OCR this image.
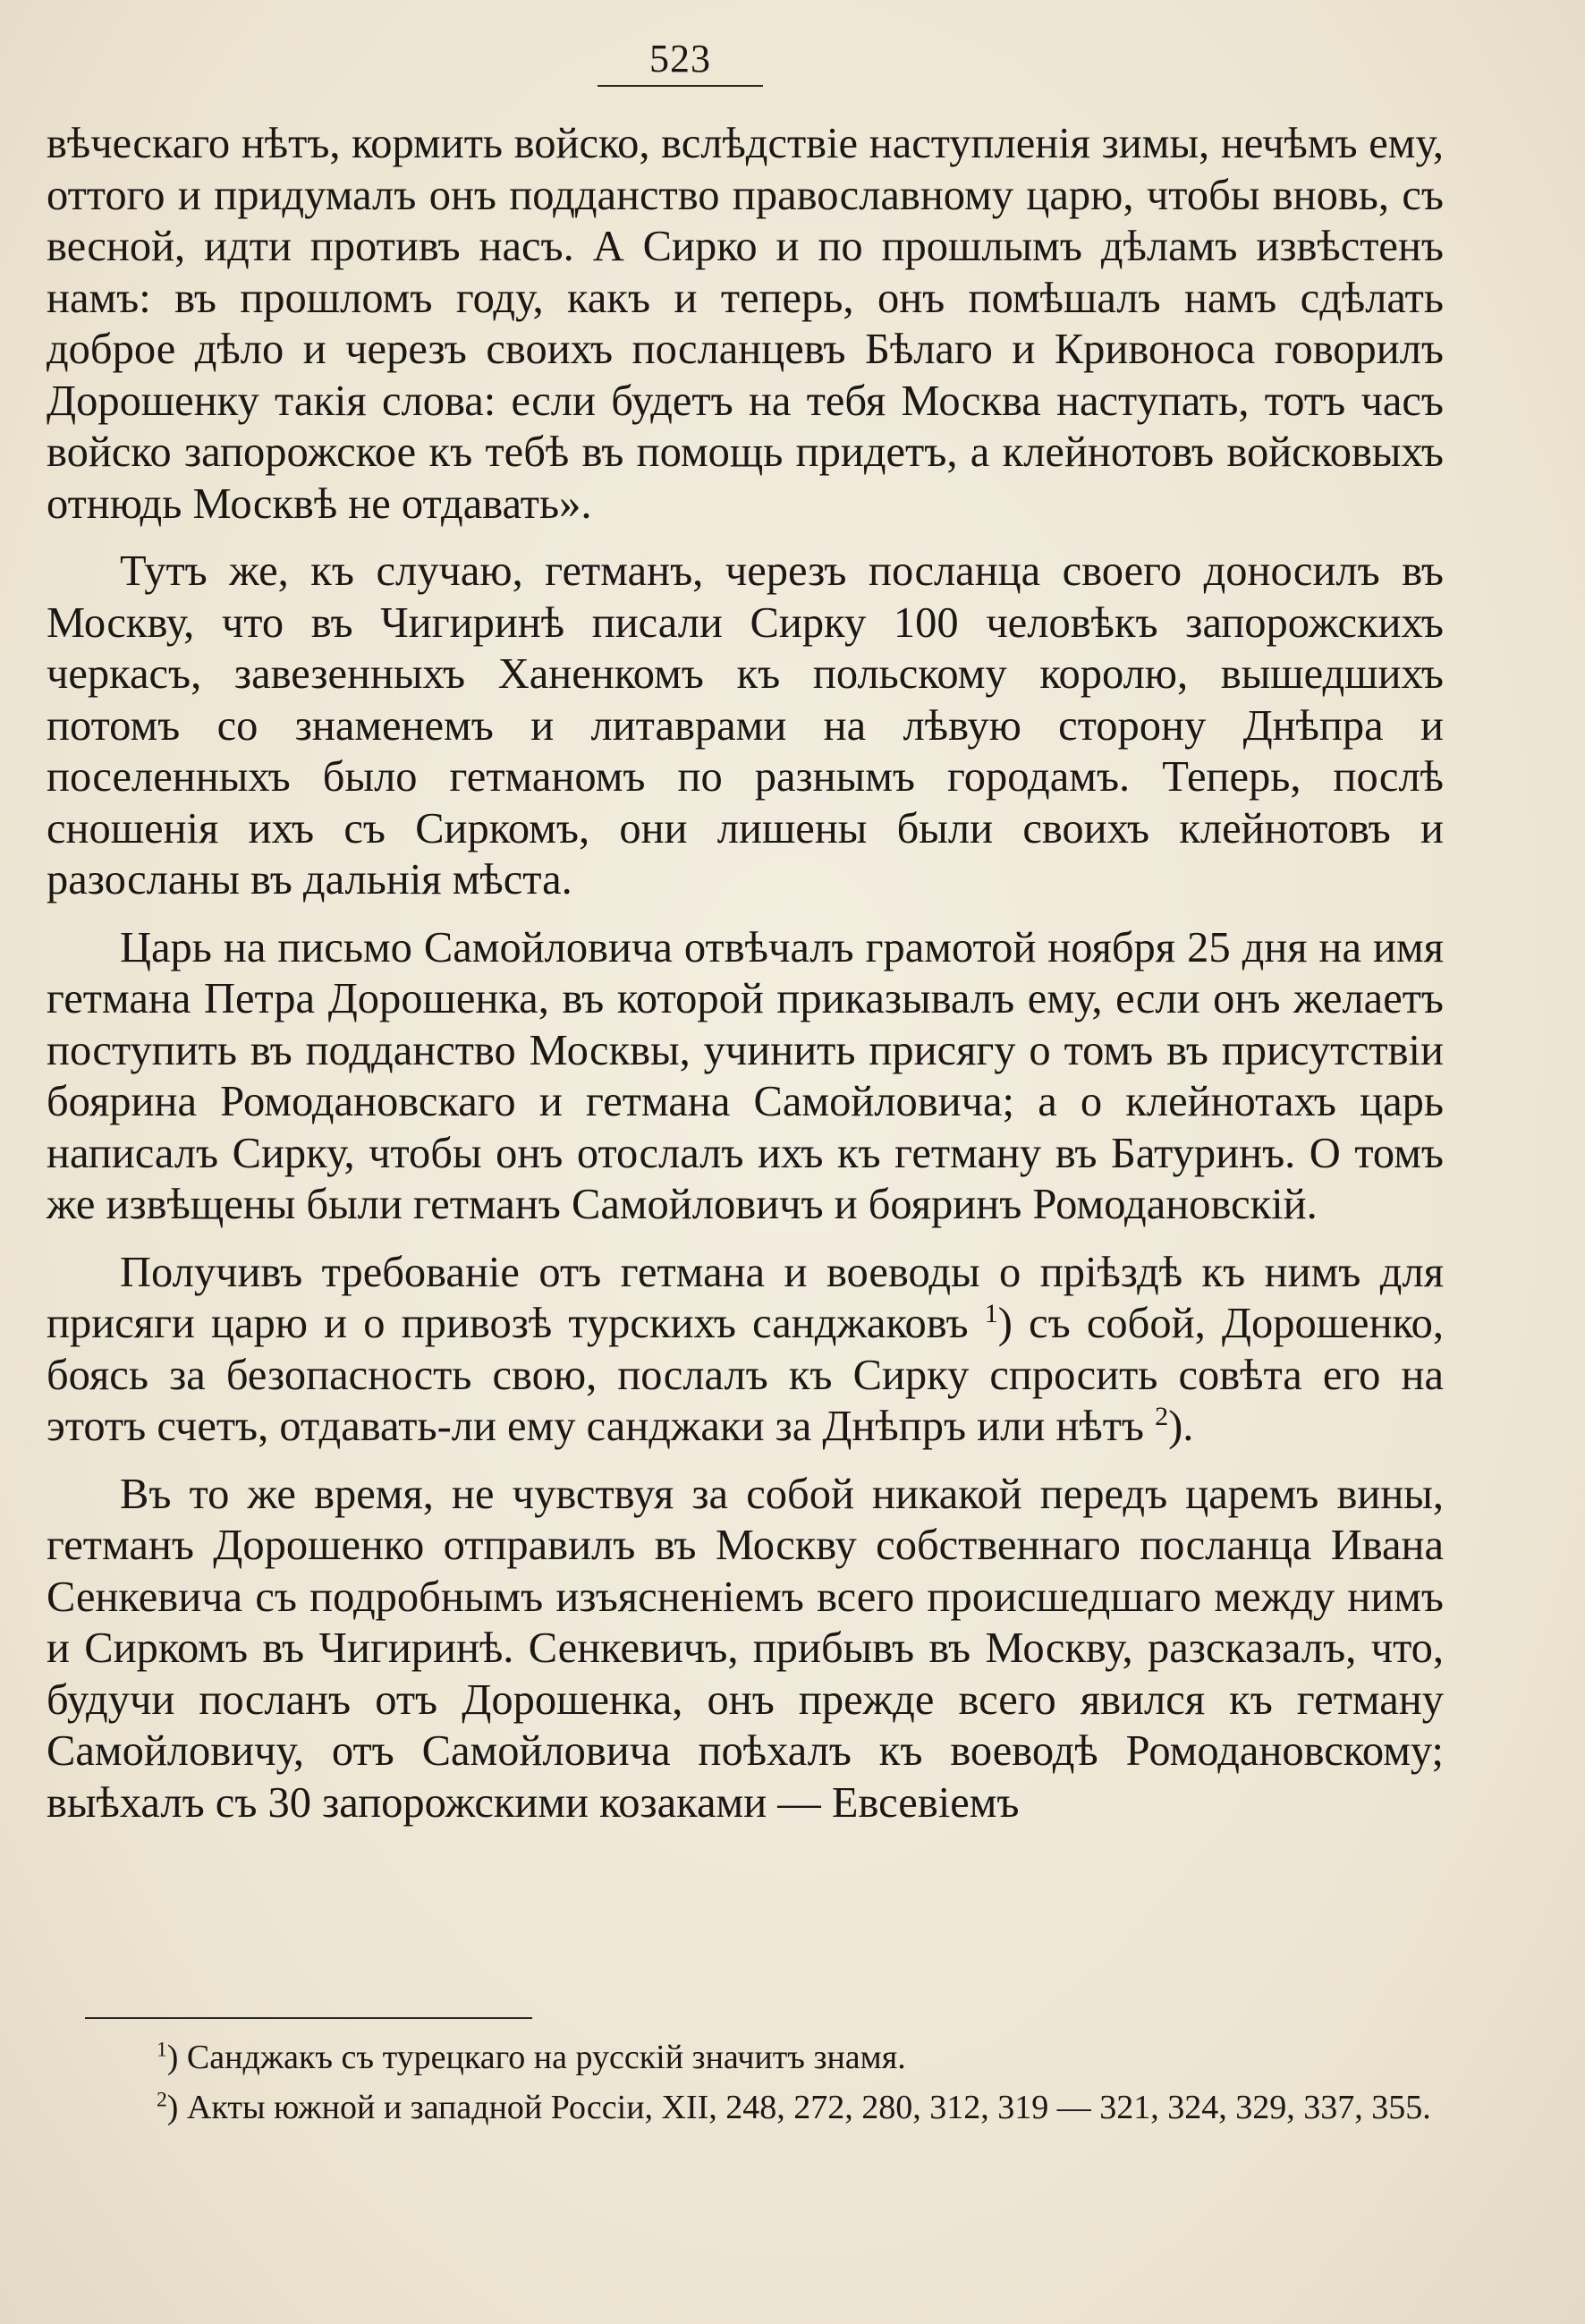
523

вѣческаго нѣтъ, кормить войско, вслѣдствіе наступленія зимы, нечѣмъ ему, оттого и придумалъ онъ подданство православному царю, чтобы вновь, съ весной, идти противъ насъ. А Сирко и по прошлымъ дѣламъ извѣстенъ намъ: въ прошломъ году, какъ и теперь, онъ помѣшалъ намъ сдѣлать доброе дѣло и черезъ своихъ посланцевъ Бѣлаго и Кривоноса говорилъ Дорошенку такія слова: если будетъ на тебя Москва наступать, тотъ часъ войско запорожское къ тебѣ въ помощь придетъ, а клейнотовъ войсковыхъ отнюдь Москвѣ не отдавать».

Тутъ же, къ случаю, гетманъ, черезъ посланца своего доносилъ въ Москву, что въ Чигиринѣ писали Сирку 100 человѣкъ запорожскихъ черкасъ, завезенныхъ Ханенкомъ къ польскому королю, вышедшихъ потомъ со знаменемъ и литаврами на лѣвую сторону Днѣпра и поселенныхъ было гетманомъ по разнымъ городамъ. Теперь, послѣ сношенія ихъ съ Сиркомъ, они лишены были своихъ клейнотовъ и разосланы въ дальнія мѣста.

Царь на письмо Самойловича отвѣчалъ грамотой ноября 25 дня на имя гетмана Петра Дорошенка, въ которой приказывалъ ему, если онъ желаетъ поступить въ подданство Москвы, учинить присягу о томъ въ присутствіи боярина Ромодановскаго и гетмана Самойловича; а о клейнотахъ царь написалъ Сирку, чтобы онъ отослалъ ихъ къ гетману въ Батуринъ. О томъ же извѣщены были гетманъ Самойловичъ и бояринъ Ромодановскій.

Получивъ требованіе отъ гетмана и воеводы о пріѣздѣ къ нимъ для присяги царю и о привозѣ турскихъ санджаковъ $^1$) съ собой, Дорошенко, боясь за безопасность свою, послалъ къ Сирку спросить совѣта его на этотъ счетъ, отдавать-ли ему санджаки за Днѣпръ или нѣтъ $^2$).

Въ то же время, не чувствуя за собой никакой передъ царемъ вины, гетманъ Дорошенко отправилъ въ Москву собственнаго посланца Ивана Сенкевича съ подробнымъ изъясненіемъ всего происшедшаго между нимъ и Сиркомъ въ Чигиринѣ. Сенкевичъ, прибывъ въ Москву, разсказалъ, что, будучи посланъ отъ Дорошенка, онъ прежде всего явился къ гетману Самойловичу, отъ Самойловича поѣхалъ къ воеводѣ Ромодановскому; выѣхалъ съ 30 запорожскими козаками — Евсевіемъ

$^1$) Санджакъ съ турецкаго на русскій значитъ знамя.

$^2$) Акты южной и западной Россіи, XII, 248, 272, 280, 312, 319 — 321, 324, 329, 337, 355.
